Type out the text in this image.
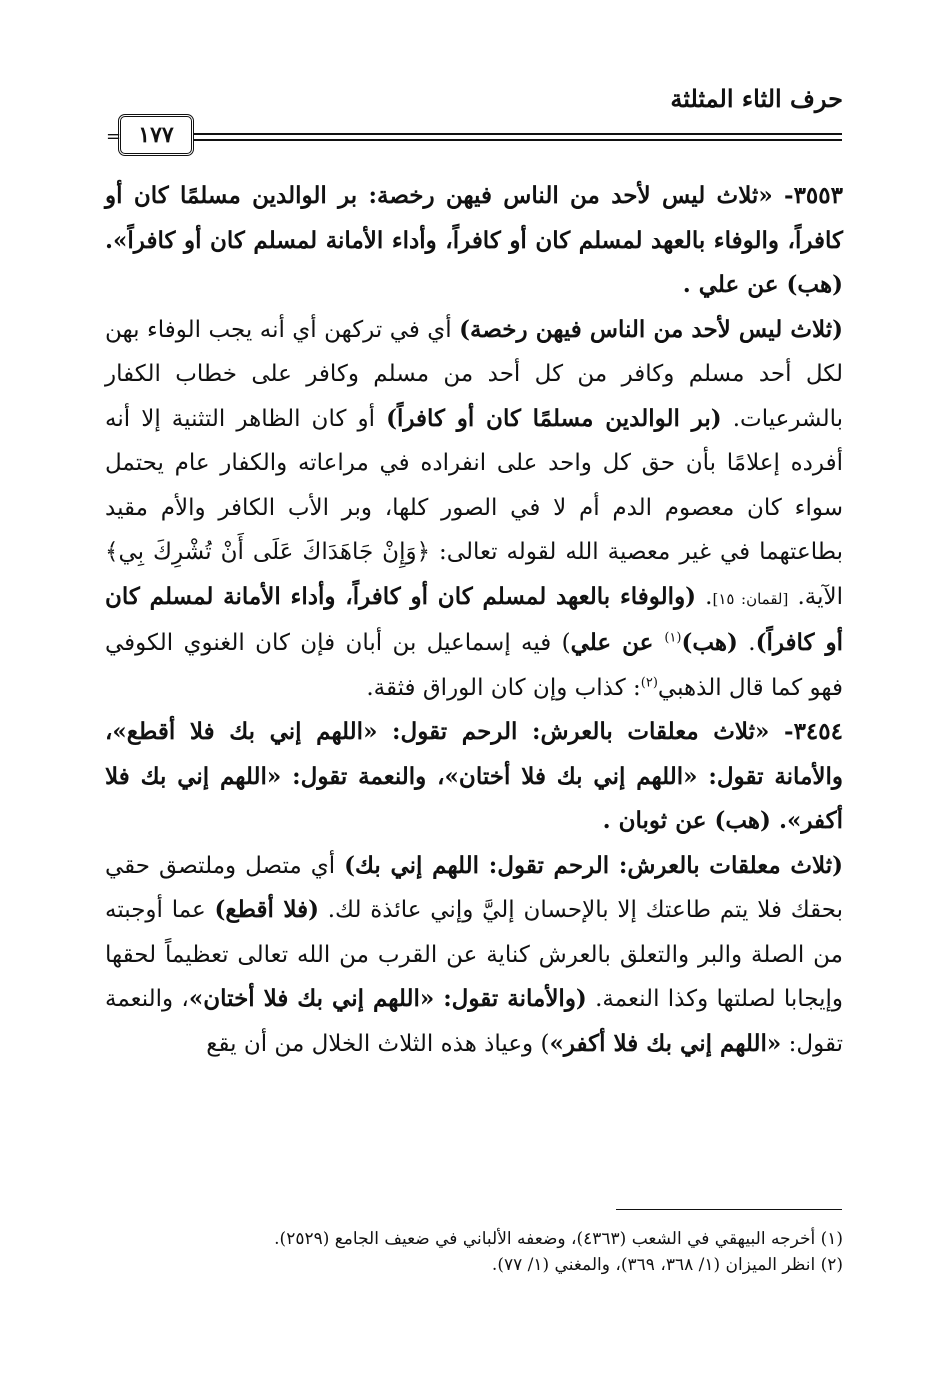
حرف الثاء المثلثة
١٧٧
=

٣٥٥٣- «ثلاث ليس لأحد من الناس فيهن رخصة: بر الوالدين مسلمًا كان أو كافراً، والوفاء بالعهد لمسلم كان أو كافراً، وأداء الأمانة لمسلم كان أو كافراً». (هب) عن علي .

(ثلاث ليس لأحد من الناس فيهن رخصة) أي في تركهن أي أنه يجب الوفاء بهن لكل أحد مسلم وكافر من كل أحد من مسلم وكافر على خطاب الكفار بالشرعيات. (بر الوالدين مسلمًا كان أو كافراً) أو كان الظاهر التثنية إلا أنه أفرده إعلامًا بأن حق كل واحد على انفراده في مراعاته والكفار عام يحتمل سواء كان معصوم الدم أم لا في الصور كلها، وبر الأب الكافر والأم مقيد بطاعتهما في غير معصية الله لقوله تعالى: ﴿وَإِنْ جَاهَدَاكَ عَلَى أَنْ تُشْرِكَ بِي﴾ الآية. [لقمان: ١٥]. (والوفاء بالعهد لمسلم كان أو كافراً، وأداء الأمانة لمسلم كان أو كافراً). (هب)$^{(١)}$ عن علي) فيه إسماعيل بن أبان فإن كان الغنوي الكوفي فهو كما قال الذهبي$^{(٢)}$: كذاب وإن كان الوراق فثقة.

٣٤٥٤- «ثلاث معلقات بالعرش: الرحم تقول: «اللهم إني بك فلا أقطع»، والأمانة تقول: «اللهم إني بك فلا أختان»، والنعمة تقول: «اللهم إني بك فلا أكفر». (هب) عن ثوبان .

(ثلاث معلقات بالعرش: الرحم تقول: اللهم إني بك) أي متصل وملتصق حقي بحقك فلا يتم طاعتك إلا بالإحسان إليَّ وإني عائذة لك. (فلا أقطع) عما أوجبته من الصلة والبر والتعلق بالعرش كناية عن القرب من الله تعالى تعظيماً لحقها وإيجابا لصلتها وكذا النعمة. (والأمانة تقول: «اللهم إني بك فلا أختان»، والنعمة تقول: «اللهم إني بك فلا أكفر») وعياذ هذه الثلاث الخلال من أن يقع

(١) أخرجه البيهقي في الشعب (٤٣٦٣)، وضعفه الألباني في ضعيف الجامع (٢٥٢٩).

(٢) انظر الميزان (١/ ٣٦٨، ٣٦٩)، والمغني (١/ ٧٧).
